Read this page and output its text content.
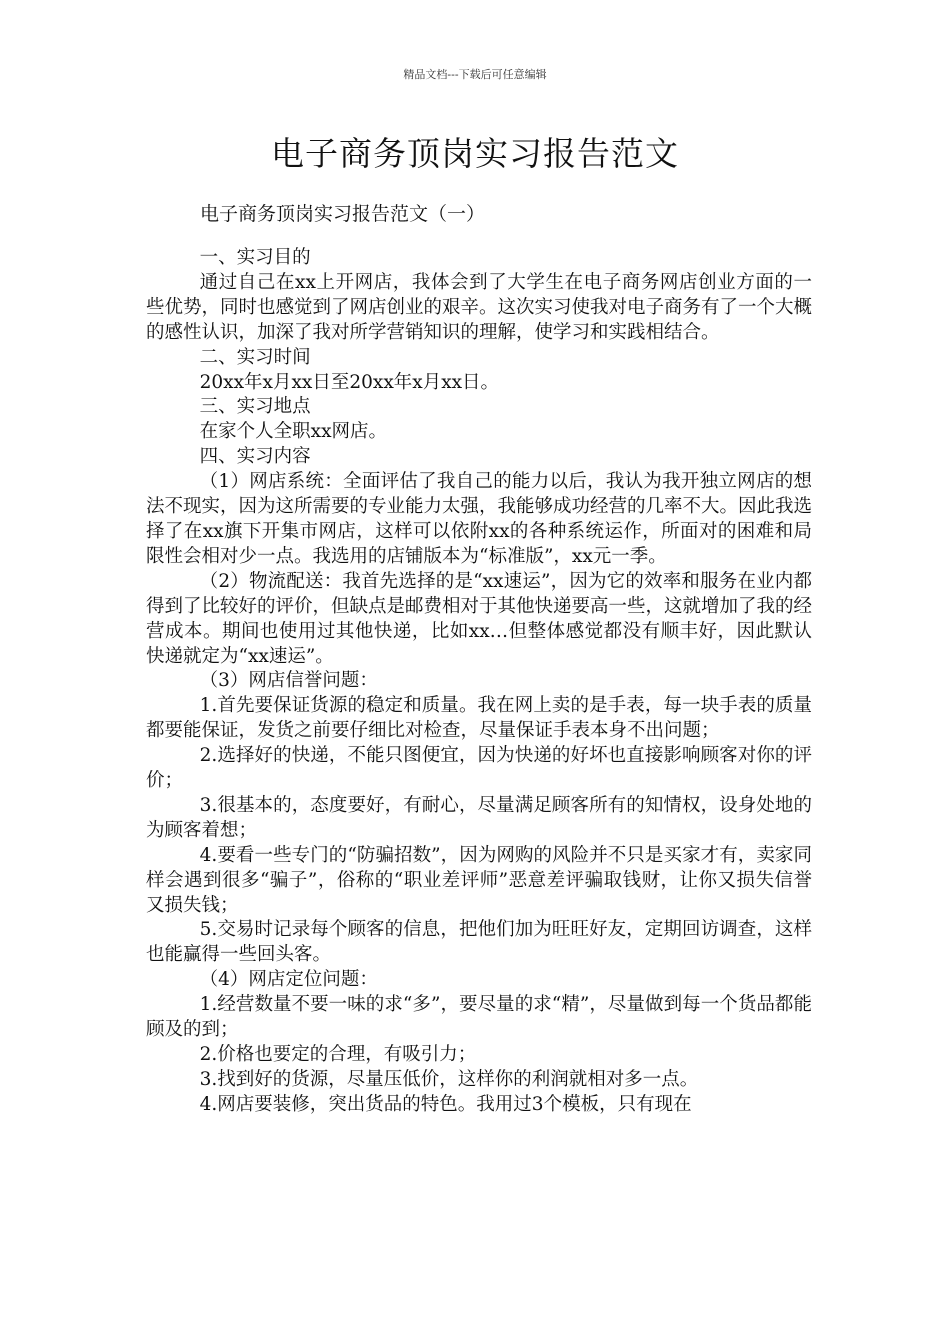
精品文档---下载后可任意编辑
电子商务顶岗实习报告范文

电子商务顶岗实习报告范文（一）

一、实习目的

通过自己在xx上开网店，我体会到了大学生在电子商务网店创业方面的一些优势，同时也感觉到了网店创业的艰辛。这次实习使我对电子商务有了一个大概的感性认识，加深了我对所学营销知识的理解，使学习和实践相结合。

二、实习时间

20xx年x月xx日至20xx年x月xx日。

三、实习地点

在家个人全职xx网店。

四、实习内容

（1）网店系统：全面评估了我自己的能力以后，我认为我开独立网店的想法不现实，因为这所需要的专业能力太强，我能够成功经营的几率不大。因此我选择了在xx旗下开集市网店，这样可以依附xx的各种系统运作，所面对的困难和局限性会相对少一点。我选用的店铺版本为“标准版”，xx元一季。

（2）物流配送：我首先选择的是“xx速运”，因为它的效率和服务在业内都得到了比较好的评价，但缺点是邮费相对于其他快递要高一些，这就增加了我的经营成本。期间也使用过其他快递，比如xx…但整体感觉都没有顺丰好，因此默认快递就定为“xx速运”。

（3）网店信誉问题：

1.首先要保证货源的稳定和质量。我在网上卖的是手表，每一块手表的质量都要能保证，发货之前要仔细比对检查，尽量保证手表本身不出问题；

2.选择好的快递，不能只图便宜，因为快递的好坏也直接影响顾客对你的评价；

3.很基本的，态度要好，有耐心，尽量满足顾客所有的知情权，设身处地的为顾客着想；

4.要看一些专门的“防骗招数”，因为网购的风险并不只是买家才有，卖家同样会遇到很多“骗子”，俗称的“职业差评师”恶意差评骗取钱财，让你又损失信誉又损失钱；

5.交易时记录每个顾客的信息，把他们加为旺旺好友，定期回访调查，这样也能赢得一些回头客。

（4）网店定位问题：

1.经营数量不要一味的求“多”，要尽量的求“精”，尽量做到每一个货品都能顾及的到；

2.价格也要定的合理，有吸引力；

3.找到好的货源，尽量压低价，这样你的利润就相对多一点。

4.网店要装修，突出货品的特色。我用过3个模板，只有现在
